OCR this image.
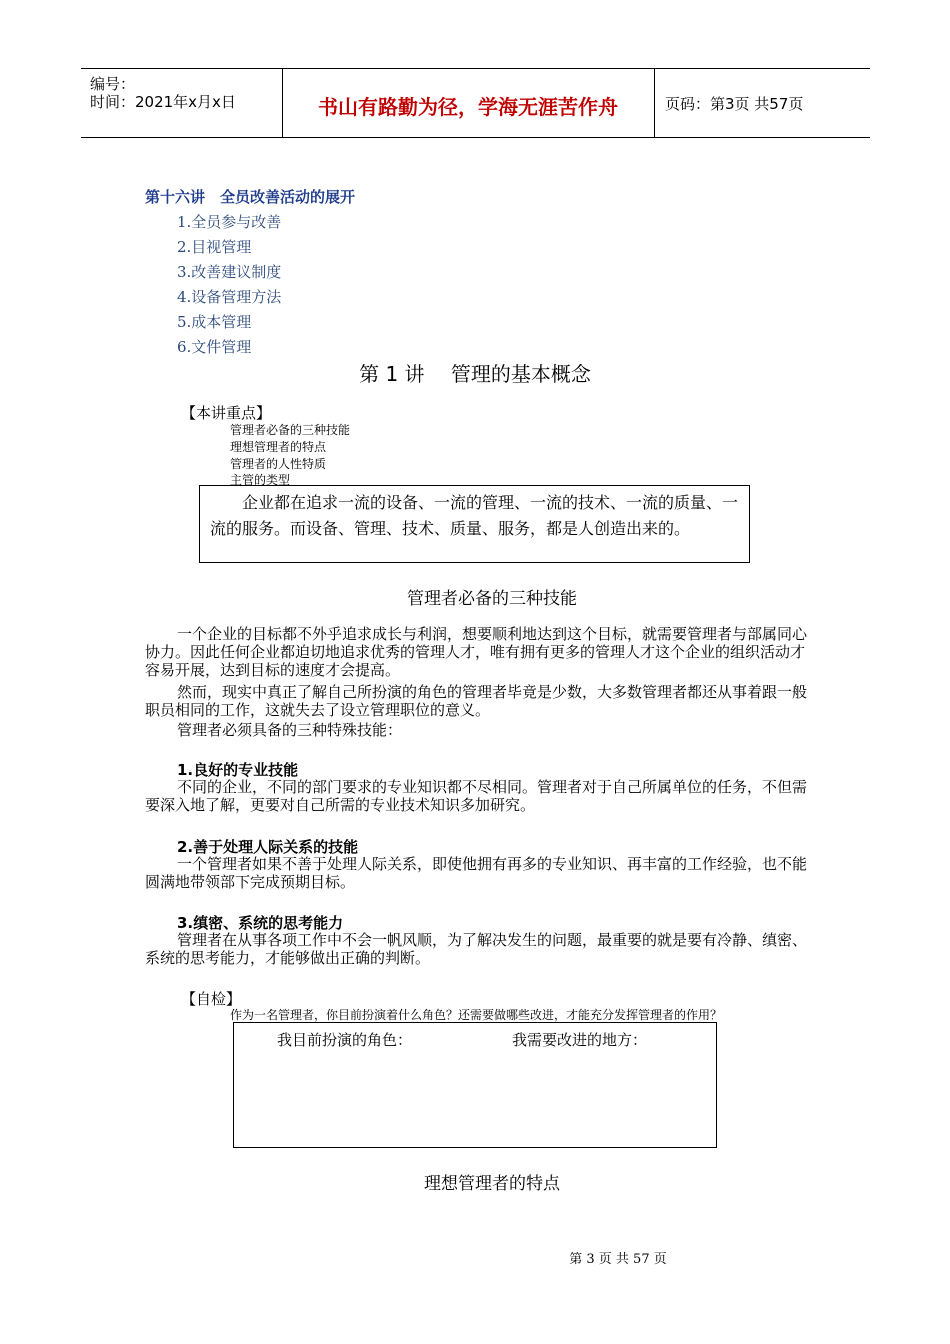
编号：
时间：2021年x月x日	书山有路勤为径，学海无涯苦作舟	页码：第3页 共57页
第十六讲　全员改善活动的展开
1.全员参与改善
2.目视管理
3.改善建议制度
4.设备管理方法
5.成本管理
6.文件管理
第 1 讲　 管理的基本概念
【本讲重点】
管理者必备的三种技能
理想管理者的特点
管理者的人性特质
主管的类型
企业都在追求一流的设备、一流的管理、一流的技术、一流的质量、一流的服务。而设备、管理、技术、质量、服务，都是人创造出来的。
管理者必备的三种技能
一个企业的目标都不外乎追求成长与利润，想要顺利地达到这个目标，就需要管理者与部属同心协力。因此任何企业都迫切地追求优秀的管理人才，唯有拥有更多的管理人才这个企业的组织活动才容易开展，达到目标的速度才会提高。
然而，现实中真正了解自己所扮演的角色的管理者毕竟是少数，大多数管理者都还从事着跟一般职员相同的工作，这就失去了设立管理职位的意义。
管理者必须具备的三种特殊技能：
1.良好的专业技能
不同的企业，不同的部门要求的专业知识都不尽相同。管理者对于自己所属单位的任务，不但需要深入地了解，更要对自己所需的专业技术知识多加研究。
2.善于处理人际关系的技能
一个管理者如果不善于处理人际关系，即使他拥有再多的专业知识、再丰富的工作经验，也不能圆满地带领部下完成预期目标。
3.缜密、系统的思考能力
管理者在从事各项工作中不会一帆风顺，为了解决发生的问题，最重要的就是要有冷静、缜密、系统的思考能力，才能够做出正确的判断。
【自检】
作为一名管理者，你目前扮演着什么角色？还需要做哪些改进，才能充分发挥管理者的作用？
我目前扮演的角色：	我需要改进的地方：
理想管理者的特点
第 3 页 共 57 页
